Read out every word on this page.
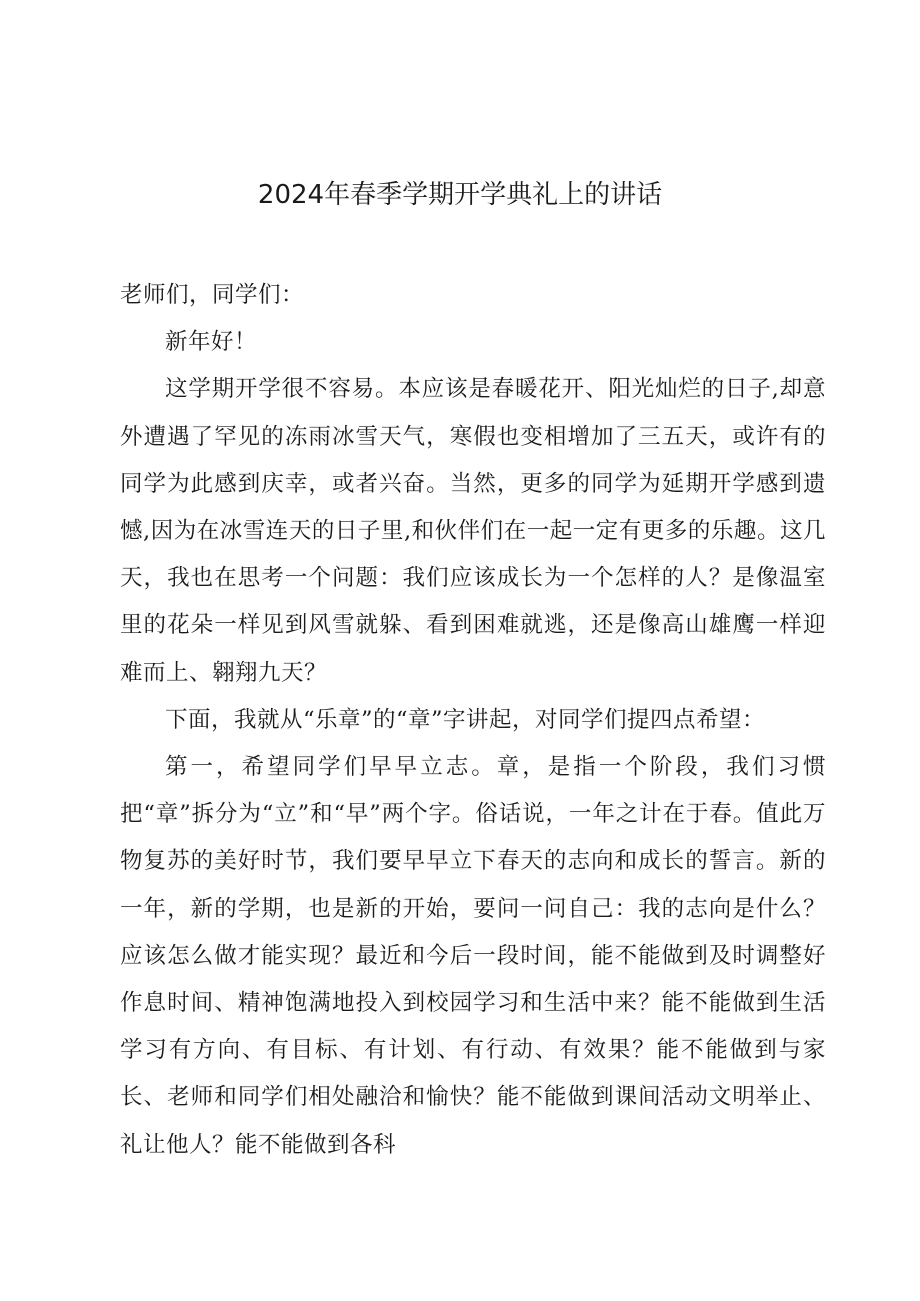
2024年春季学期开学典礼上的讲话

老师们，同学们：

新年好！

这学期开学很不容易。本应该是春暖花开、阳光灿烂的日子,却意外遭遇了罕见的冻雨冰雪天气，寒假也变相增加了三五天，或许有的同学为此感到庆幸，或者兴奋。当然，更多的同学为延期开学感到遗憾,因为在冰雪连天的日子里,和伙伴们在一起一定有更多的乐趣。这几天，我也在思考一个问题：我们应该成长为一个怎样的人？是像温室里的花朵一样见到风雪就躲、看到困难就逃，还是像高山雄鹰一样迎难而上、翱翔九天？

下面，我就从“乐章”的“章”字讲起，对同学们提四点希望：

第一，希望同学们早早立志。章，是指一个阶段，我们习惯把“章”拆分为“立”和“早”两个字。俗话说，一年之计在于春。值此万物复苏的美好时节，我们要早早立下春天的志向和成长的誓言。新的一年，新的学期，也是新的开始，要问一问自己：我的志向是什么？应该怎么做才能实现？最近和今后一段时间，能不能做到及时调整好作息时间、精神饱满地投入到校园学习和生活中来？能不能做到生活学习有方向、有目标、有计划、有行动、有效果？能不能做到与家长、老师和同学们相处融洽和愉快？能不能做到课间活动文明举止、礼让他人？能不能做到各科
